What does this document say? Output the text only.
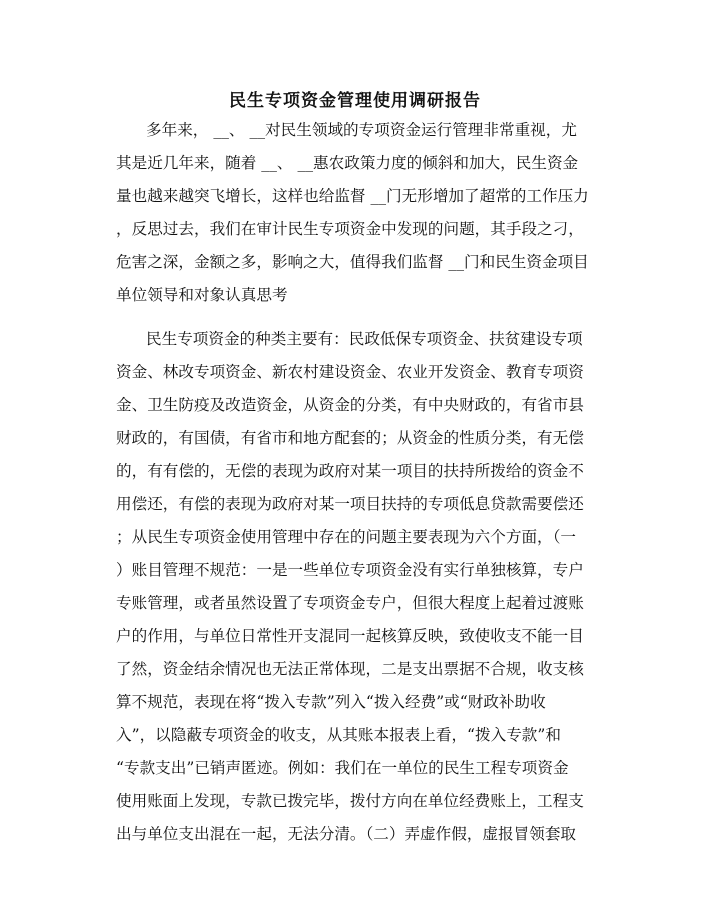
民生专项资金管理使用调研报告
多年来， __、 __对民生领域的专项资金运行管理非常重视，尤
其是近几年来，随着 __、 __惠农政策力度的倾斜和加大，民生资金
量也越来越突飞增长，这样也给监督 __门无形增加了超常的工作压力
，反思过去，我们在审计民生专项资金中发现的问题，其手段之刁，
危害之深，金额之多，影响之大，值得我们监督 __门和民生资金项目
单位领导和对象认真思考
民生专项资金的种类主要有：民政低保专项资金、扶贫建设专项
资金、林改专项资金、新农村建设资金、农业开发资金、教育专项资
金、卫生防疫及改造资金，从资金的分类，有中央财政的，有省市县
财政的，有国债，有省市和地方配套的；从资金的性质分类，有无偿
的，有有偿的，无偿的表现为政府对某一项目的扶持所拨给的资金不
用偿还，有偿的表现为政府对某一项目扶持的专项低息贷款需要偿还
；从民生专项资金使用管理中存在的问题主要表现为六个方面，（一
）账目管理不规范：一是一些单位专项资金没有实行单独核算，专户
专账管理，或者虽然设置了专项资金专户，但很大程度上起着过渡账
户的作用，与单位日常性开支混同一起核算反映，致使收支不能一目
了然，资金结余情况也无法正常体现，二是支出票据不合规，收支核
算不规范，表现在将“拨入专款”列入“拨入经费”或“财政补助收
入”，以隐蔽专项资金的收支，从其账本报表上看，“拨入专款”和
“专款支出”已销声匿迹。例如：我们在一单位的民生工程专项资金
使用账面上发现，专款已拨完毕，拨付方向在单位经费账上，工程支
出与单位支出混在一起，无法分清。（二）弄虚作假，虚报冒领套取
